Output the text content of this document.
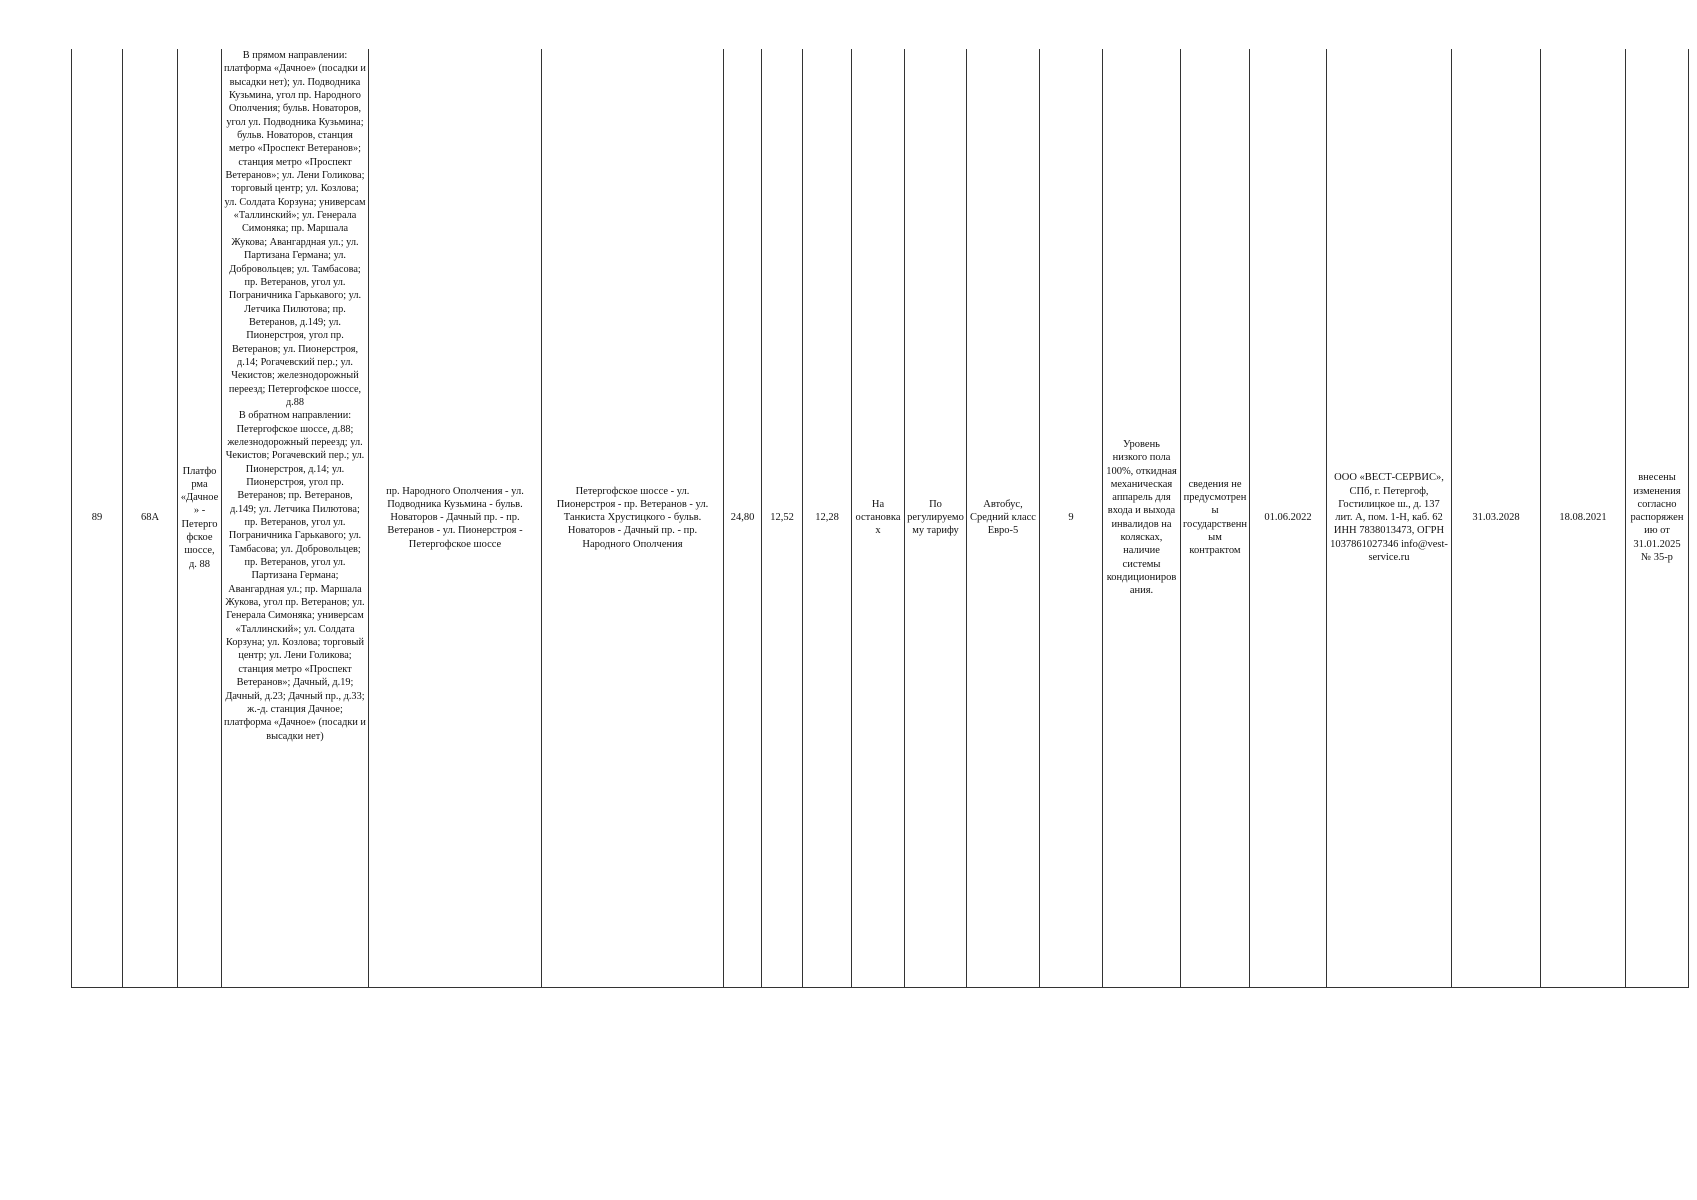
89	68А	Платформа «Дачное» - Петергофское шоссе, д. 88	В прямом направлении:
платформа «Дачное» (посадки и высадки нет); ул. Подводника Кузьмина, угол пр. Народного Ополчения; бульв. Новаторов, угол ул. Подводника Кузьмина; бульв. Новаторов, станция метро «Проспект Ветеранов»; станция метро «Проспект Ветеранов»; ул. Лени Голикова; торговый центр; ул. Козлова; ул. Солдата Корзуна; универсам «Таллинский»; ул. Генерала Симоняка; пр. Маршала Жукова; Авангардная ул.; ул. Партизана Германа; ул. Добровольцев; ул. Тамбасова; пр. Ветеранов, угол ул. Пограничника Гарькавого; ул. Летчика Пилютова; пр. Ветеранов, д.149; ул. Пионерстроя, угол пр. Ветеранов; ул. Пионерстроя, д.14; Рогачевский пер.; ул. Чекистов; железнодорожный переезд; Петергофское шоссе, д.88
В обратном направлении:
Петергофское шоссе, д.88; железнодорожный переезд; ул. Чекистов; Рогачевский пер.; ул. Пионерстроя, д.14; ул. Пионерстроя, угол пр. Ветеранов; пр. Ветеранов, д.149; ул. Летчика Пилютова; пр. Ветеранов, угол ул. Пограничника Гарькавого; ул. Тамбасова; ул. Добровольцев; пр. Ветеранов, угол ул. Партизана Германа; Авангардная ул.; пр. Маршала Жукова, угол пр. Ветеранов; ул. Генерала Симоняка; универсам «Таллинский»; ул. Солдата Корзуна; ул. Козлова; торговый центр; ул. Лени Голикова; станция метро «Проспект Ветеранов»; Дачный, д.19; Дачный, д.23; Дачный пр., д.33; ж.-д. станция Дачное; платформа «Дачное» (посадки и высадки нет)	пр. Народного Ополчения - ул. Подводника Кузьмина - бульв. Новаторов - Дачный пр. - пр. Ветеранов - ул. Пионерстроя - Петергофское шоссе	Петергофское шоссе - ул. Пионерстроя - пр. Ветеранов - ул. Танкиста Хрустицкого - бульв. Новаторов - Дачный пр. - пр. Народного Ополчения	24,80	12,52	12,28	На остановках	По регулируемому тарифу	Автобус, Средний класс Евро-5	9	Уровень низкого пола 100%, откидная механическая аппарель для входа и выхода инвалидов на колясках, наличие системы кондиционирования.	сведения не предусмотрены государственным контрактом	01.06.2022	ООО «ВЕСТ-СЕРВИС», СПб, г. Петергоф, Гостилицкое ш., д. 137 лит. А, пом. 1-Н, каб. 62 ИНН 7838013473, ОГРН 1037861027346 info@vest-service.ru	31.03.2028	18.08.2021	внесены изменения согласно распоряжению от 31.01.2025 № 35-р
